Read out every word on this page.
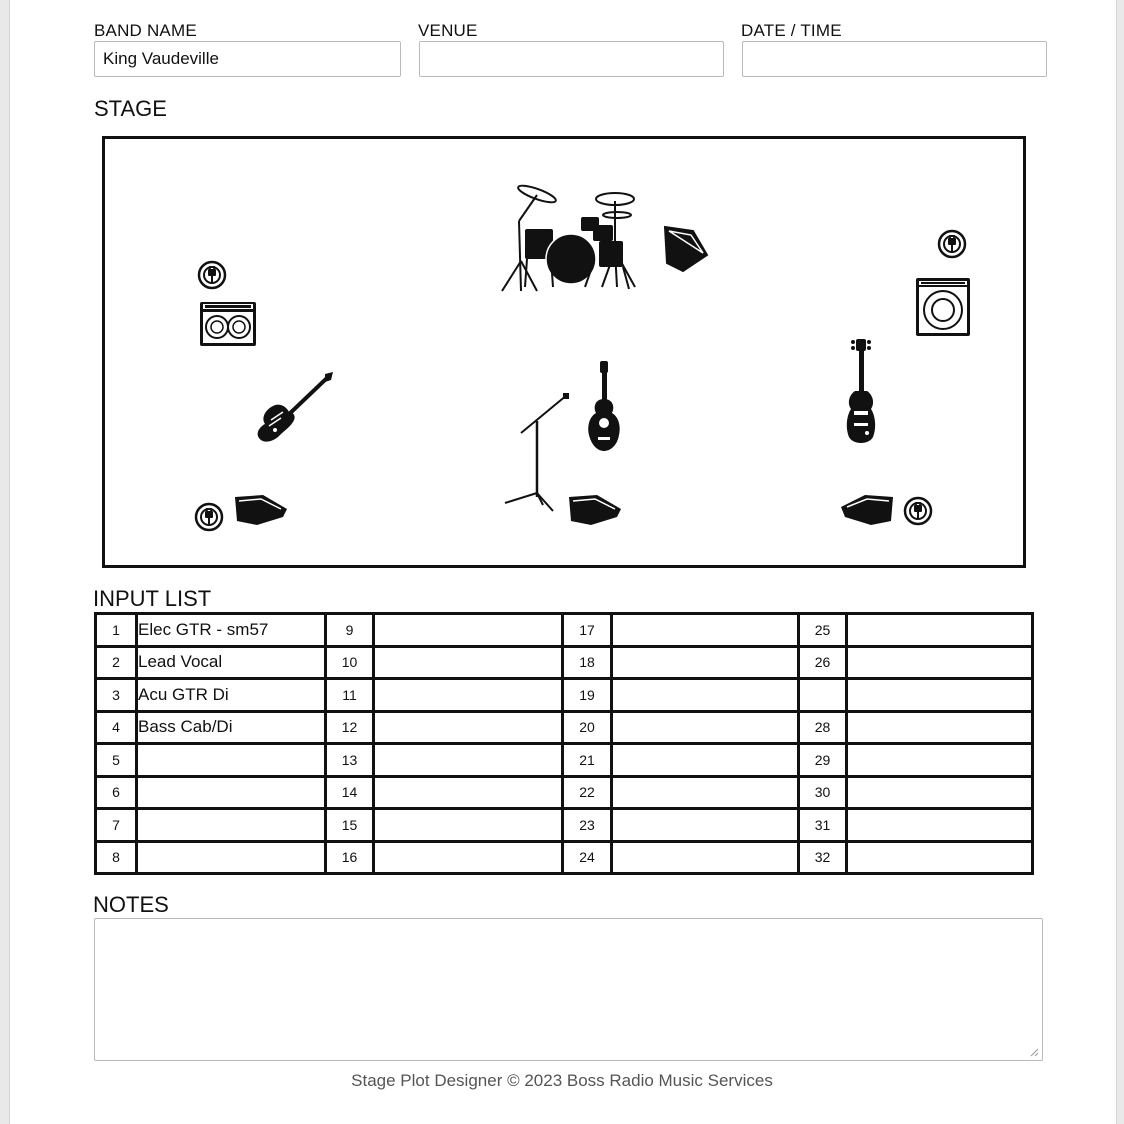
BAND NAME
King Vaudeville
VENUE	DATE / TIME
STAGE
INPUT LIST
1	Elec GTR - sm57	9		17		25	
2	Lead Vocal	10		18		26	
3	Acu GTR Di	11		19			
4	Bass Cab/Di	12		20		28	
5		13		21		29	
6		14		22		30	
7		15		23		31	
8		16		24		32	
NOTES
Stage Plot Designer © 2023 Boss Radio Music Services
